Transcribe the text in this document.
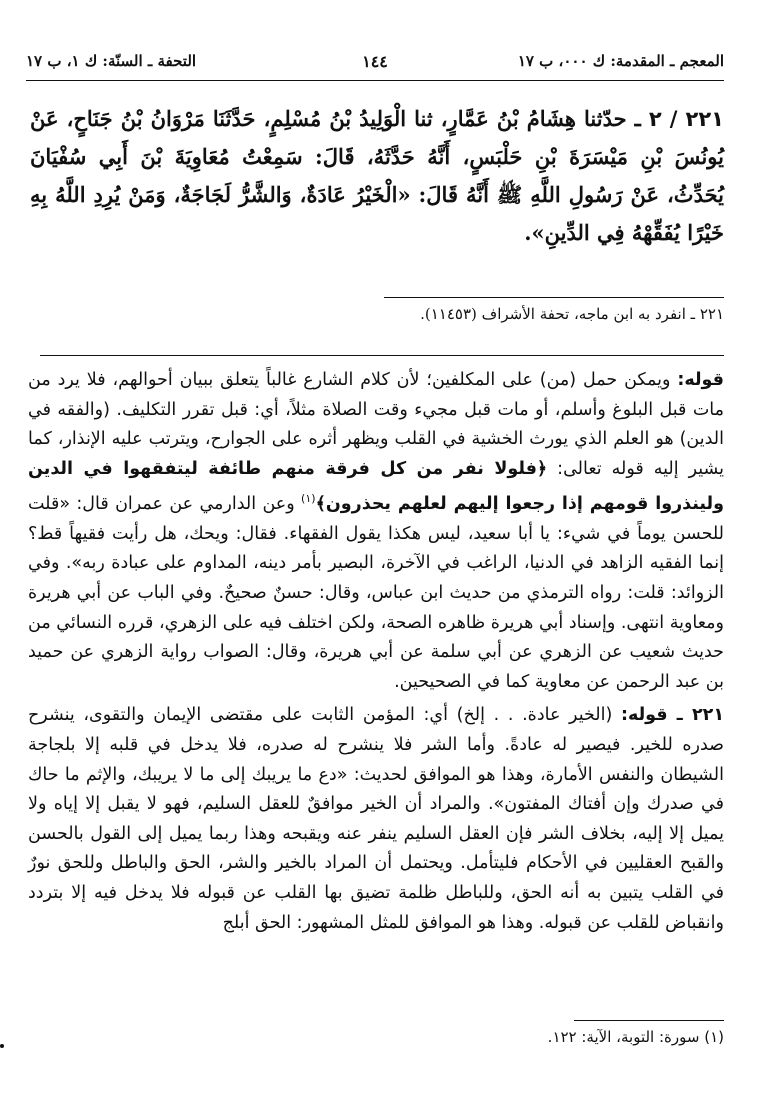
المعجم ـ المقدمة: ك ٠٠٠، ب ١٧
١٤٤
التحفة ـ السنّة: ك ١، ب ١٧
٢٢١ / ٢ ـ حدّثنا هِشَامُ بْنُ عَمَّارٍ، ثنا الْوَلِيدُ بْنُ مُسْلِمٍ، حَدَّثَنَا مَرْوَانُ بْنُ جَنَاحٍ، عَنْ يُونُسَ بْنِ مَيْسَرَةَ بْنِ حَلْبَسٍ، أَنَّهُ حَدَّثَهُ، قَالَ: سَمِعْتُ مُعَاوِيَةَ بْنَ أَبِي سُفْيَانَ يُحَدِّثُ، عَنْ رَسُولِ اللَّهِ ﷺ أَنَّهُ قَالَ: «الْخَيْرُ عَادَةٌ، وَالشَّرُّ لَجَاجَةٌ، وَمَنْ يُرِدِ اللَّهُ بِهِ خَيْرًا يُفَقِّهْهُ فِي الدِّينِ».
٢٢١ ـ انفرد به ابن ماجه، تحفة الأشراف (١١٤٥٣).

قوله: ويمكن حمل (من) على المكلفين؛ لأن كلام الشارع غالباً يتعلق ببيان أحوالهم، فلا يرد من مات قبل البلوغ وأسلم، أو مات قبل مجيء وقت الصلاة مثلاً، أي: قبل تقرر التكليف. (والفقه في الدين) هو العلم الذي يورث الخشية في القلب ويظهر أثره على الجوارح، ويترتب عليه الإنذار، كما يشير إليه قوله تعالى: ﴿فلولا نفر من كل فرقة منهم طائفة ليتفقهوا في الدين ولينذروا قومهم إذا رجعوا إليهم لعلهم يحذرون﴾$^{(١)}$ وعن الدارمي عن عمران قال: «قلت للحسن يوماً في شيء: يا أبا سعيد، ليس هكذا يقول الفقهاء. فقال: ويحك، هل رأيت فقيهاً قط؟ إنما الفقيه الزاهد في الدنيا، الراغب في الآخرة، البصير بأمر دينه، المداوم على عبادة ربه». وفي الزوائد: قلت: رواه الترمذي من حديث ابن عباس، وقال: حسنٌ صحيحٌ. وفي الباب عن أبي هريرة ومعاوية انتهى. وإسناد أبي هريرة ظاهره الصحة، ولكن اختلف فيه على الزهري، قرره النسائي من حديث شعيب عن الزهري عن أبي سلمة عن أبي هريرة، وقال: الصواب رواية الزهري عن حميد بن عبد الرحمن عن معاوية كما في الصحيحين.

٢٢١ ـ قوله: (الخير عادة. . . إلخ) أي: المؤمن الثابت على مقتضى الإيمان والتقوى، ينشرح صدره للخير. فيصير له عادةً. وأما الشر فلا ينشرح له صدره، فلا يدخل في قلبه إلا بلجاجة الشيطان والنفس الأمارة، وهذا هو الموافق لحديث: «دع ما يريبك إلى ما لا يريبك، والإثم ما حاك في صدرك وإن أفتاك المفتون». والمراد أن الخير موافقٌ للعقل السليم، فهو لا يقبل إلا إياه ولا يميل إلا إليه، بخلاف الشر فإن العقل السليم ينفر عنه ويقبحه وهذا ربما يميل إلى القول بالحسن والقبح العقليين في الأحكام فليتأمل. ويحتمل أن المراد بالخير والشر، الحق والباطل وللحق نورٌ في القلب يتبين به أنه الحق، وللباطل ظلمة تضيق بها القلب عن قبوله فلا يدخل فيه إلا بتردد وانقباض للقلب عن قبوله. وهذا هو الموافق للمثل المشهور: الحق أبلج

(١) سورة: التوبة، الآية: ١٢٢.
